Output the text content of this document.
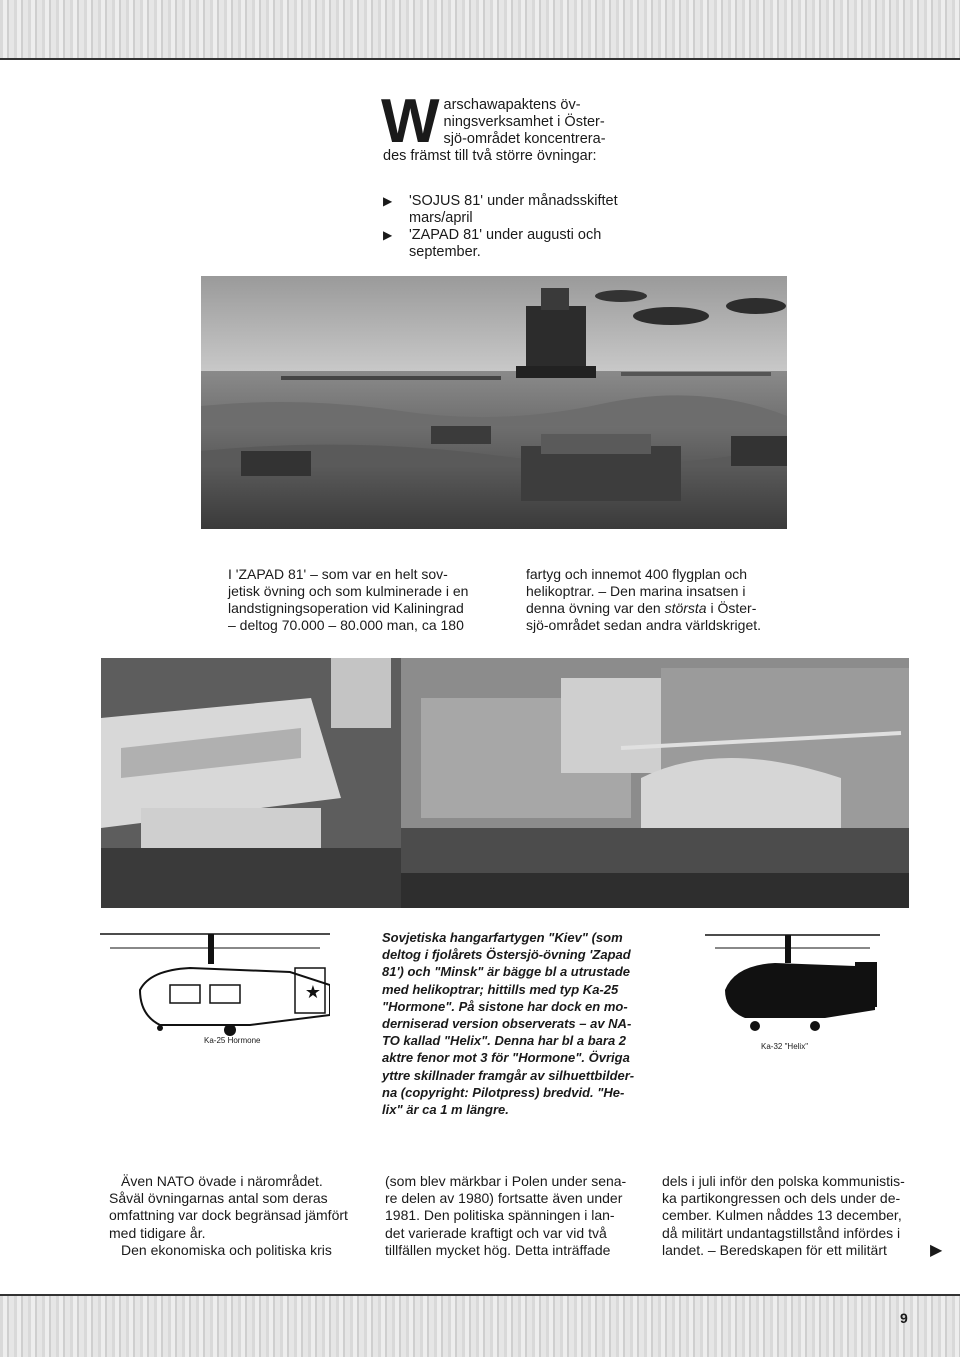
W arschawapaktens öv-
ningsverksamhet i Öster-
sjö-området koncentrera-
des främst till två större övningar:
▶	'SOJUS 81' under månadsskiftet
mars/april
▶	'ZAPAD 81' under augusti och
september.
I 'ZAPAD 81' – som var en helt sov-
jetisk övning och som kulminerade i en
landstigningsoperation vid Kaliningrad
– deltog 70.000 – 80.000 man, ca 180
fartyg och innemot 400 flygplan och
helikoptrar. – Den marina insatsen i
denna övning var den största i Öster-
sjö-området sedan andra världskriget.
★
Ka-25 Hormone
Sovjetiska hangarfartygen "Kiev" (som
deltog i fjolårets Östersjö-övning 'Zapad
81') och "Minsk" är bägge bl a utrustade
med helikoptrar; hittills med typ Ka-25
"Hormone". På sistone har dock en mo-
derniserad version observerats – av NA-
TO kallad "Helix". Denna har bl a bara 2
aktre fenor mot 3 för "Hormone". Övriga
yttre skillnader framgår av silhuettbilder-
na (copyright: Pilotpress) bredvid. "He-
lix" är ca 1 m längre.
Ka-32 "Helix"
Även NATO övade i närområdet.
Såväl övningarnas antal som deras
omfattning var dock begränsad jämfört
med tidigare år.
Den ekonomiska och politiska kris
(som blev märkbar i Polen under sena-
re delen av 1980) fortsatte även under
1981. Den politiska spänningen i lan-
det varierade kraftigt och var vid två
tillfällen mycket hög. Detta inträffade
dels i juli inför den polska kommunistis-
ka partikongressen och dels under de-
cember. Kulmen nåddes 13 december,
då militärt undantagstillstånd infördes i
landet. – Beredskapen för ett militärt	▶
9
